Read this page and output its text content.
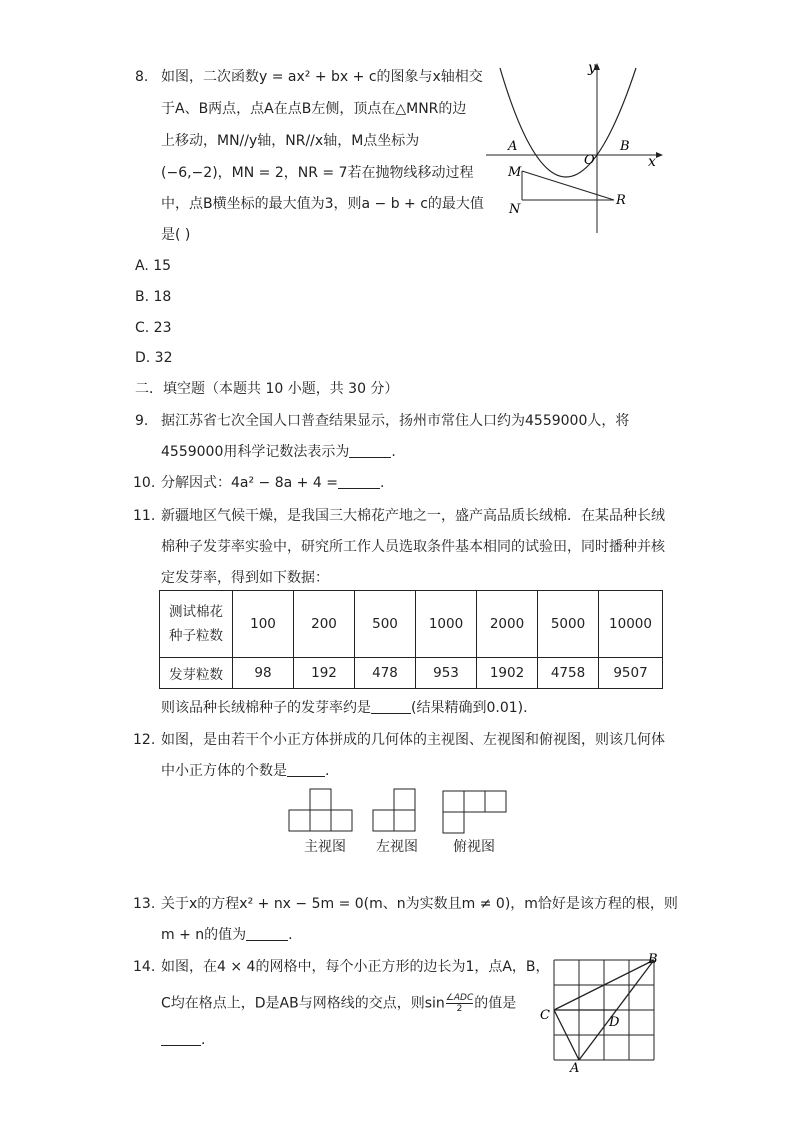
8. 如图，二次函数y = ax² + bx + c的图象与x轴相交
于A、B两点，点A在点B左侧，顶点在△MNR的边
上移动，MN//y轴，NR//x轴，M点坐标为
(−6,−2)，MN = 2，NR = 7若在抛物线移动过程
中，点B横坐标的最大值为3，则a − b + c的最大值
是( )
y
x
A
O
B
M
N
R
A. 15
B. 18
C. 23
D. 32
二．填空题（本题共 10 小题，共 30 分）
9. 据江苏省七次全国人口普查结果显示，扬州市常住人口约为4559000人，将
4559000用科学记数法表示为	.
10. 分解因式：4a² − 8a + 4 =	.
11. 新疆地区气候干燥，是我国三大棉花产地之一，盛产高品质长绒棉．在某品种长绒
棉种子发芽率实验中，研究所工作人员选取条件基本相同的试验田，同时播种并核
定发芽率，得到如下数据：
测试棉花
种子粒数	100	200	500	1000	2000	5000	10000
发芽粒数	98	192	478	953	1902	4758	9507
则该品种长绒棉种子的发芽率约是	(结果精确到0.01).
12. 如图，是由若干个小正方体拼成的几何体的主视图、左视图和俯视图，则该几何体
中小正方体的个数是	.
主视图 左视图	俯视图
13. 关于x的方程x² + nx − 5m = 0(m、n为实数且m ≠ 0)，m恰好是该方程的根，则
m + n的值为	.
14. 如图，在4 × 4的网格中，每个小正方形的边长为1，点A，B，
C均在格点上，D是AB与网格线的交点，则sin ∠ADC
2 的值是
.
B
C	D
A
